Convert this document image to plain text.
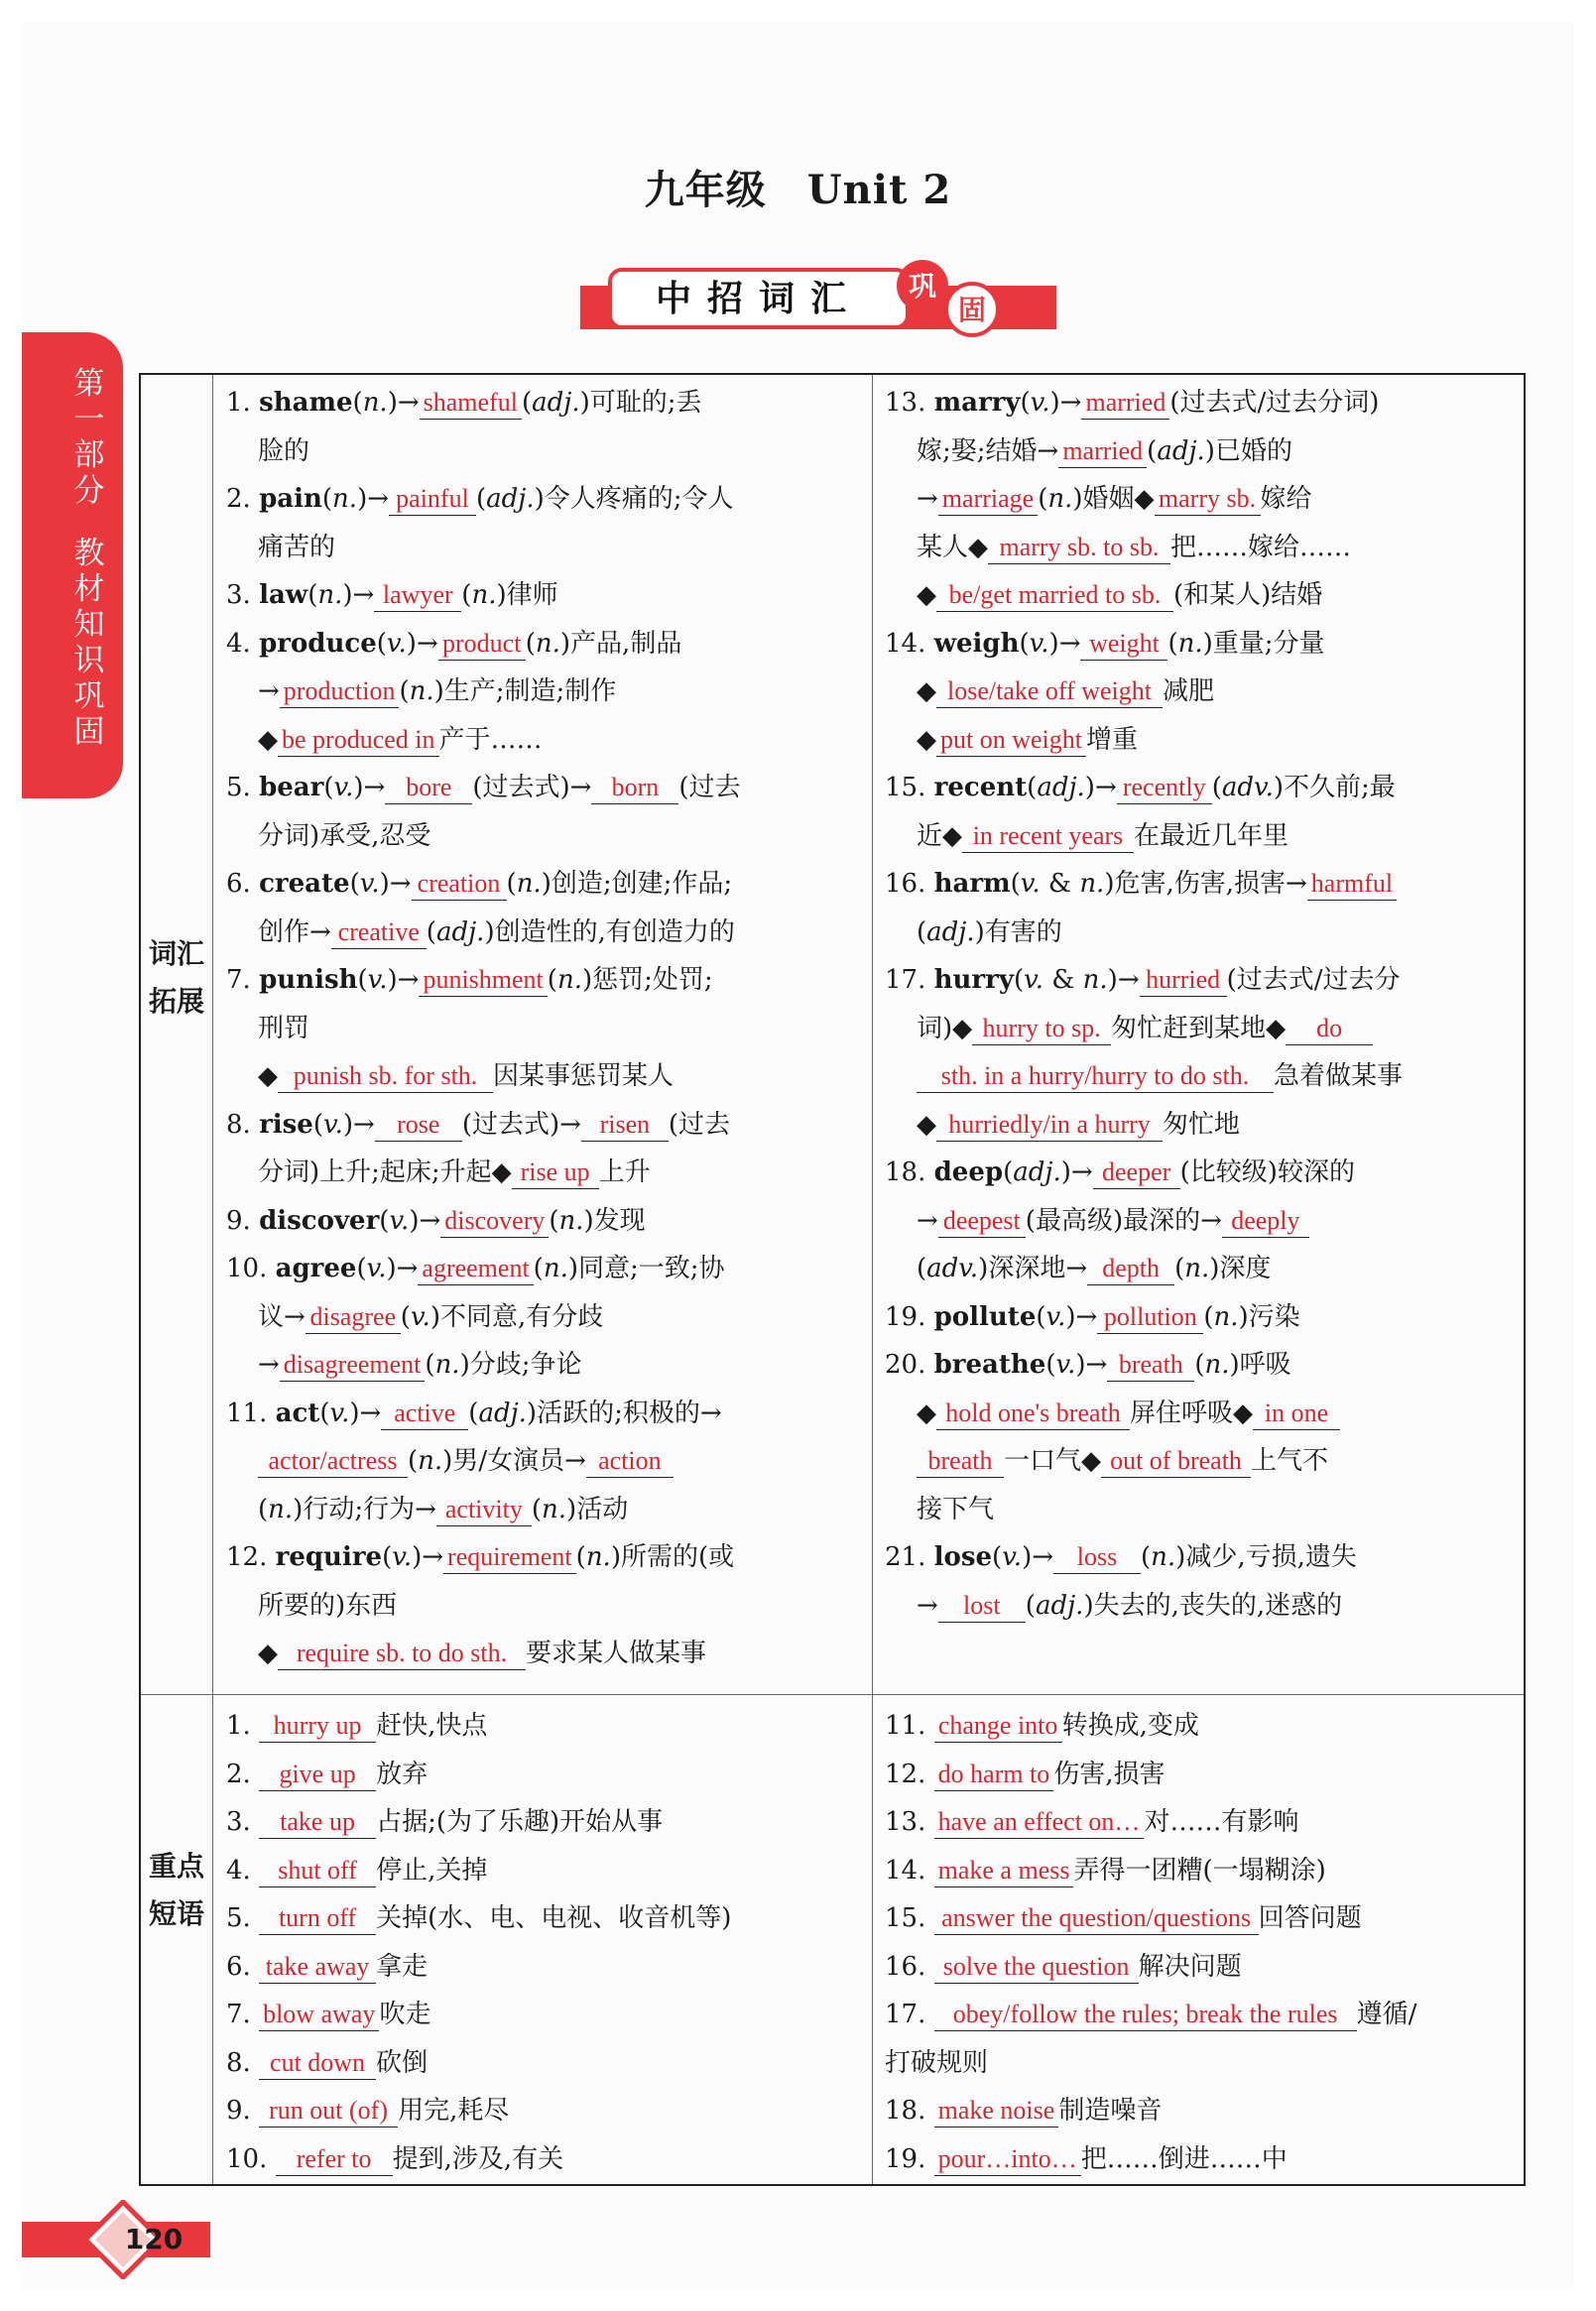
九年级　Unit 2
巩
固
中招词汇
第一部分
教材知识巩固
词汇拓展
重点短语
1. shame(n.)→ shameful (adj.)可耻的;丢
脸的
2. pain(n.)→ painful (adj.)令人疼痛的;令人
痛苦的
3. law(n.)→ lawyer (n.)律师
4. produce(v.)→ product (n.)产品,制品
→ production (n.)生产;制造;制作
◆ be produced in 产于……
5. bear(v.)→ bore (过去式)→ born (过去
分词)承受,忍受
6. create(v.)→ creation (n.)创造;创建;作品;
创作→ creative (adj.)创造性的,有创造力的
7. punish(v.)→ punishment (n.)惩罚;处罚;
刑罚
◆ punish sb. for sth. 因某事惩罚某人
8. rise(v.)→ rose (过去式)→ risen (过去
分词)上升;起床;升起◆ rise up 上升
9. discover(v.)→ discovery (n.)发现
10. agree(v.)→ agreement (n.)同意;一致;协
议→ disagree (v.)不同意,有分歧
→ disagreement (n.)分歧;争论
11. act(v.)→ active (adj.)活跃的;积极的→
actor/actress (n.)男/女演员→ action
(n.)行动;行为→ activity (n.)活动
12. require(v.)→ requirement (n.)所需的(或
所要的)东西
◆ require sb. to do sth. 要求某人做某事
13. marry(v.)→ married (过去式/过去分词)
嫁;娶;结婚→ married (adj.)已婚的
→ marriage (n.)婚姻◆ marry sb. 嫁给
某人◆ marry sb. to sb. 把……嫁给……
◆ be/get married to sb. (和某人)结婚
14. weigh(v.)→ weight (n.)重量;分量
◆ lose/take off weight 减肥
◆ put on weight 增重
15. recent(adj.)→ recently (adv.)不久前;最
近◆ in recent years 在最近几年里
16. harm(v. & n.)危害,伤害,损害→ harmful
(adj.)有害的
17. hurry(v. & n.)→ hurried (过去式/过去分
词)◆ hurry to sp. 匆忙赶到某地◆ do
sth. in a hurry/hurry to do sth. 急着做某事
◆ hurriedly/in a hurry 匆忙地
18. deep(adj.)→ deeper (比较级)较深的
→ deepest (最高级)最深的→ deeply
(adv.)深深地→ depth (n.)深度
19. pollute(v.)→ pollution (n.)污染
20. breathe(v.)→ breath (n.)呼吸
◆ hold one's breath 屏住呼吸◆ in one
breath 一口气◆ out of breath 上气不
接下气
21. lose(v.)→ loss (n.)减少,亏损,遗失
→ lost (adj.)失去的,丧失的,迷惑的
1. hurry up 赶快,快点
2. give up 放弃
3. take up 占据;(为了乐趣)开始从事
4. shut off 停止,关掉
5. turn off 关掉(水、电、电视、收音机等)
6. take away 拿走
7. blow away 吹走
8. cut down 砍倒
9. run out (of) 用完,耗尽
10. refer to 提到,涉及,有关
11. change into 转换成,变成
12. do harm to 伤害,损害
13. have an effect on… 对……有影响
14. make a mess 弄得一团糟(一塌糊涂)
15. answer the question/questions 回答问题
16. solve the question 解决问题
17. obey/follow the rules; break the rules 遵循/
打破规则
18. make noise 制造噪音
19. pour…into… 把……倒进……中
120
